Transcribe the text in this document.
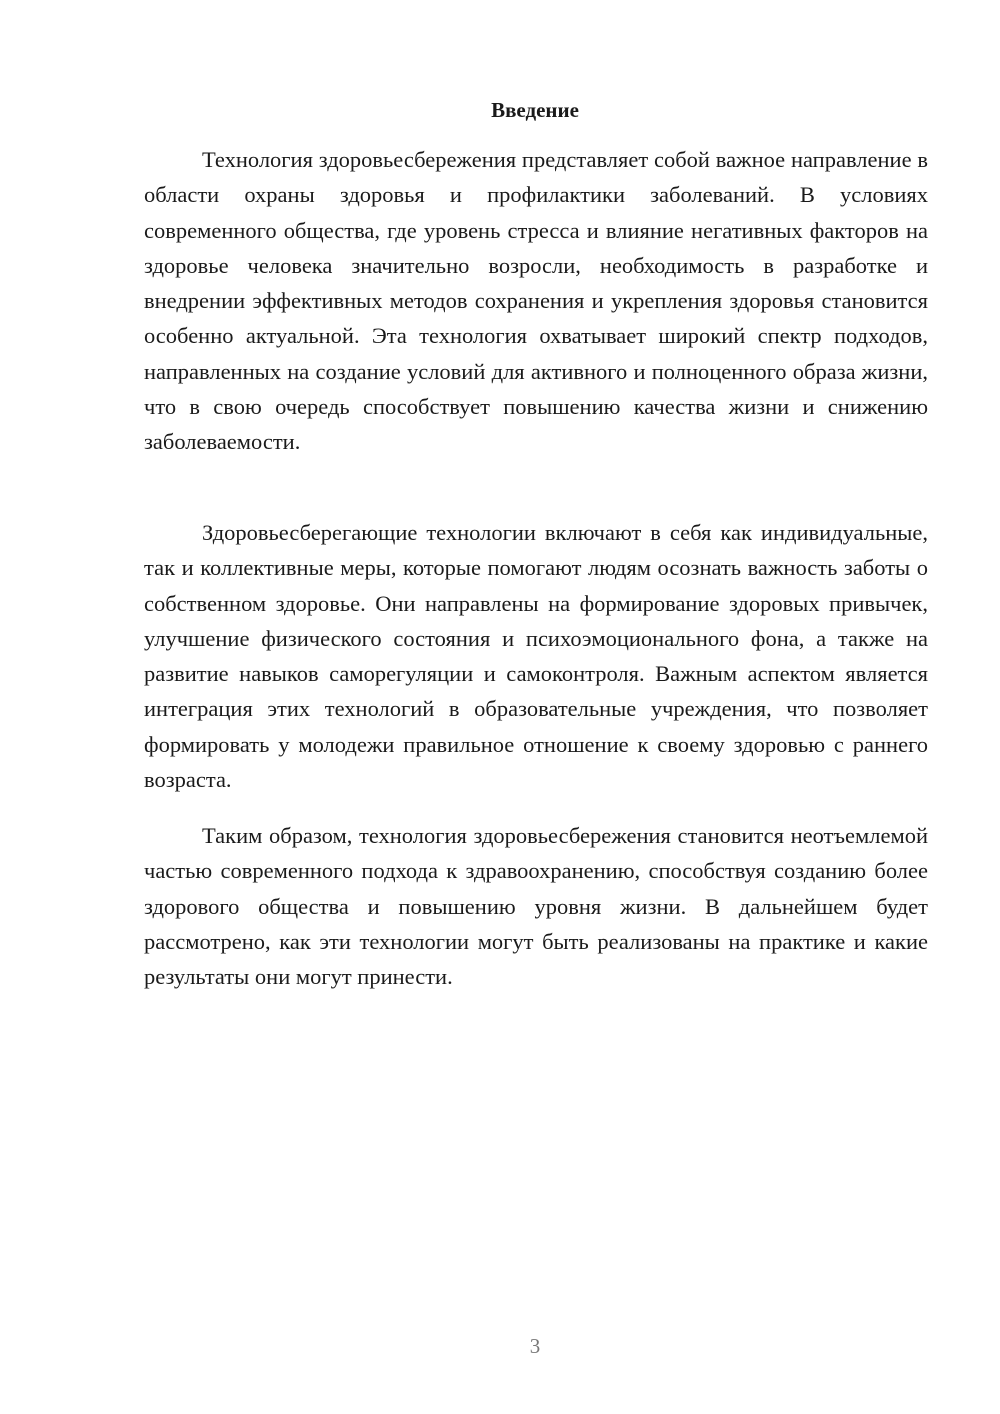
Введение

Технология здоровьесбережения представляет собой важное направление в области охраны здоровья и профилактики заболеваний. В условиях современного общества, где уровень стресса и влияние негативных факторов на здоровье человека значительно возросли, необходимость в разработке и внедрении эффективных методов сохранения и укрепления здоровья становится особенно актуальной. Эта технология охватывает широкий спектр подходов, направленных на создание условий для активного и полноценного образа жизни, что в свою очередь способствует повышению качества жизни и снижению заболеваемости.

Здоровьесберегающие технологии включают в себя как индивидуальные, так и коллективные меры, которые помогают людям осознать важность заботы о собственном здоровье. Они направлены на формирование здоровых привычек, улучшение физического состояния и психоэмоционального фона, а также на развитие навыков саморегуляции и самоконтроля. Важным аспектом является интеграция этих технологий в образовательные учреждения, что позволяет формировать у молодежи правильное отношение к своему здоровью с раннего возраста.

Таким образом, технология здоровьесбережения становится неотъемлемой частью современного подхода к здравоохранению, способствуя созданию более здорового общества и повышению уровня жизни. В дальнейшем будет рассмотрено, как эти технологии могут быть реализованы на практике и какие результаты они могут принести.

3
